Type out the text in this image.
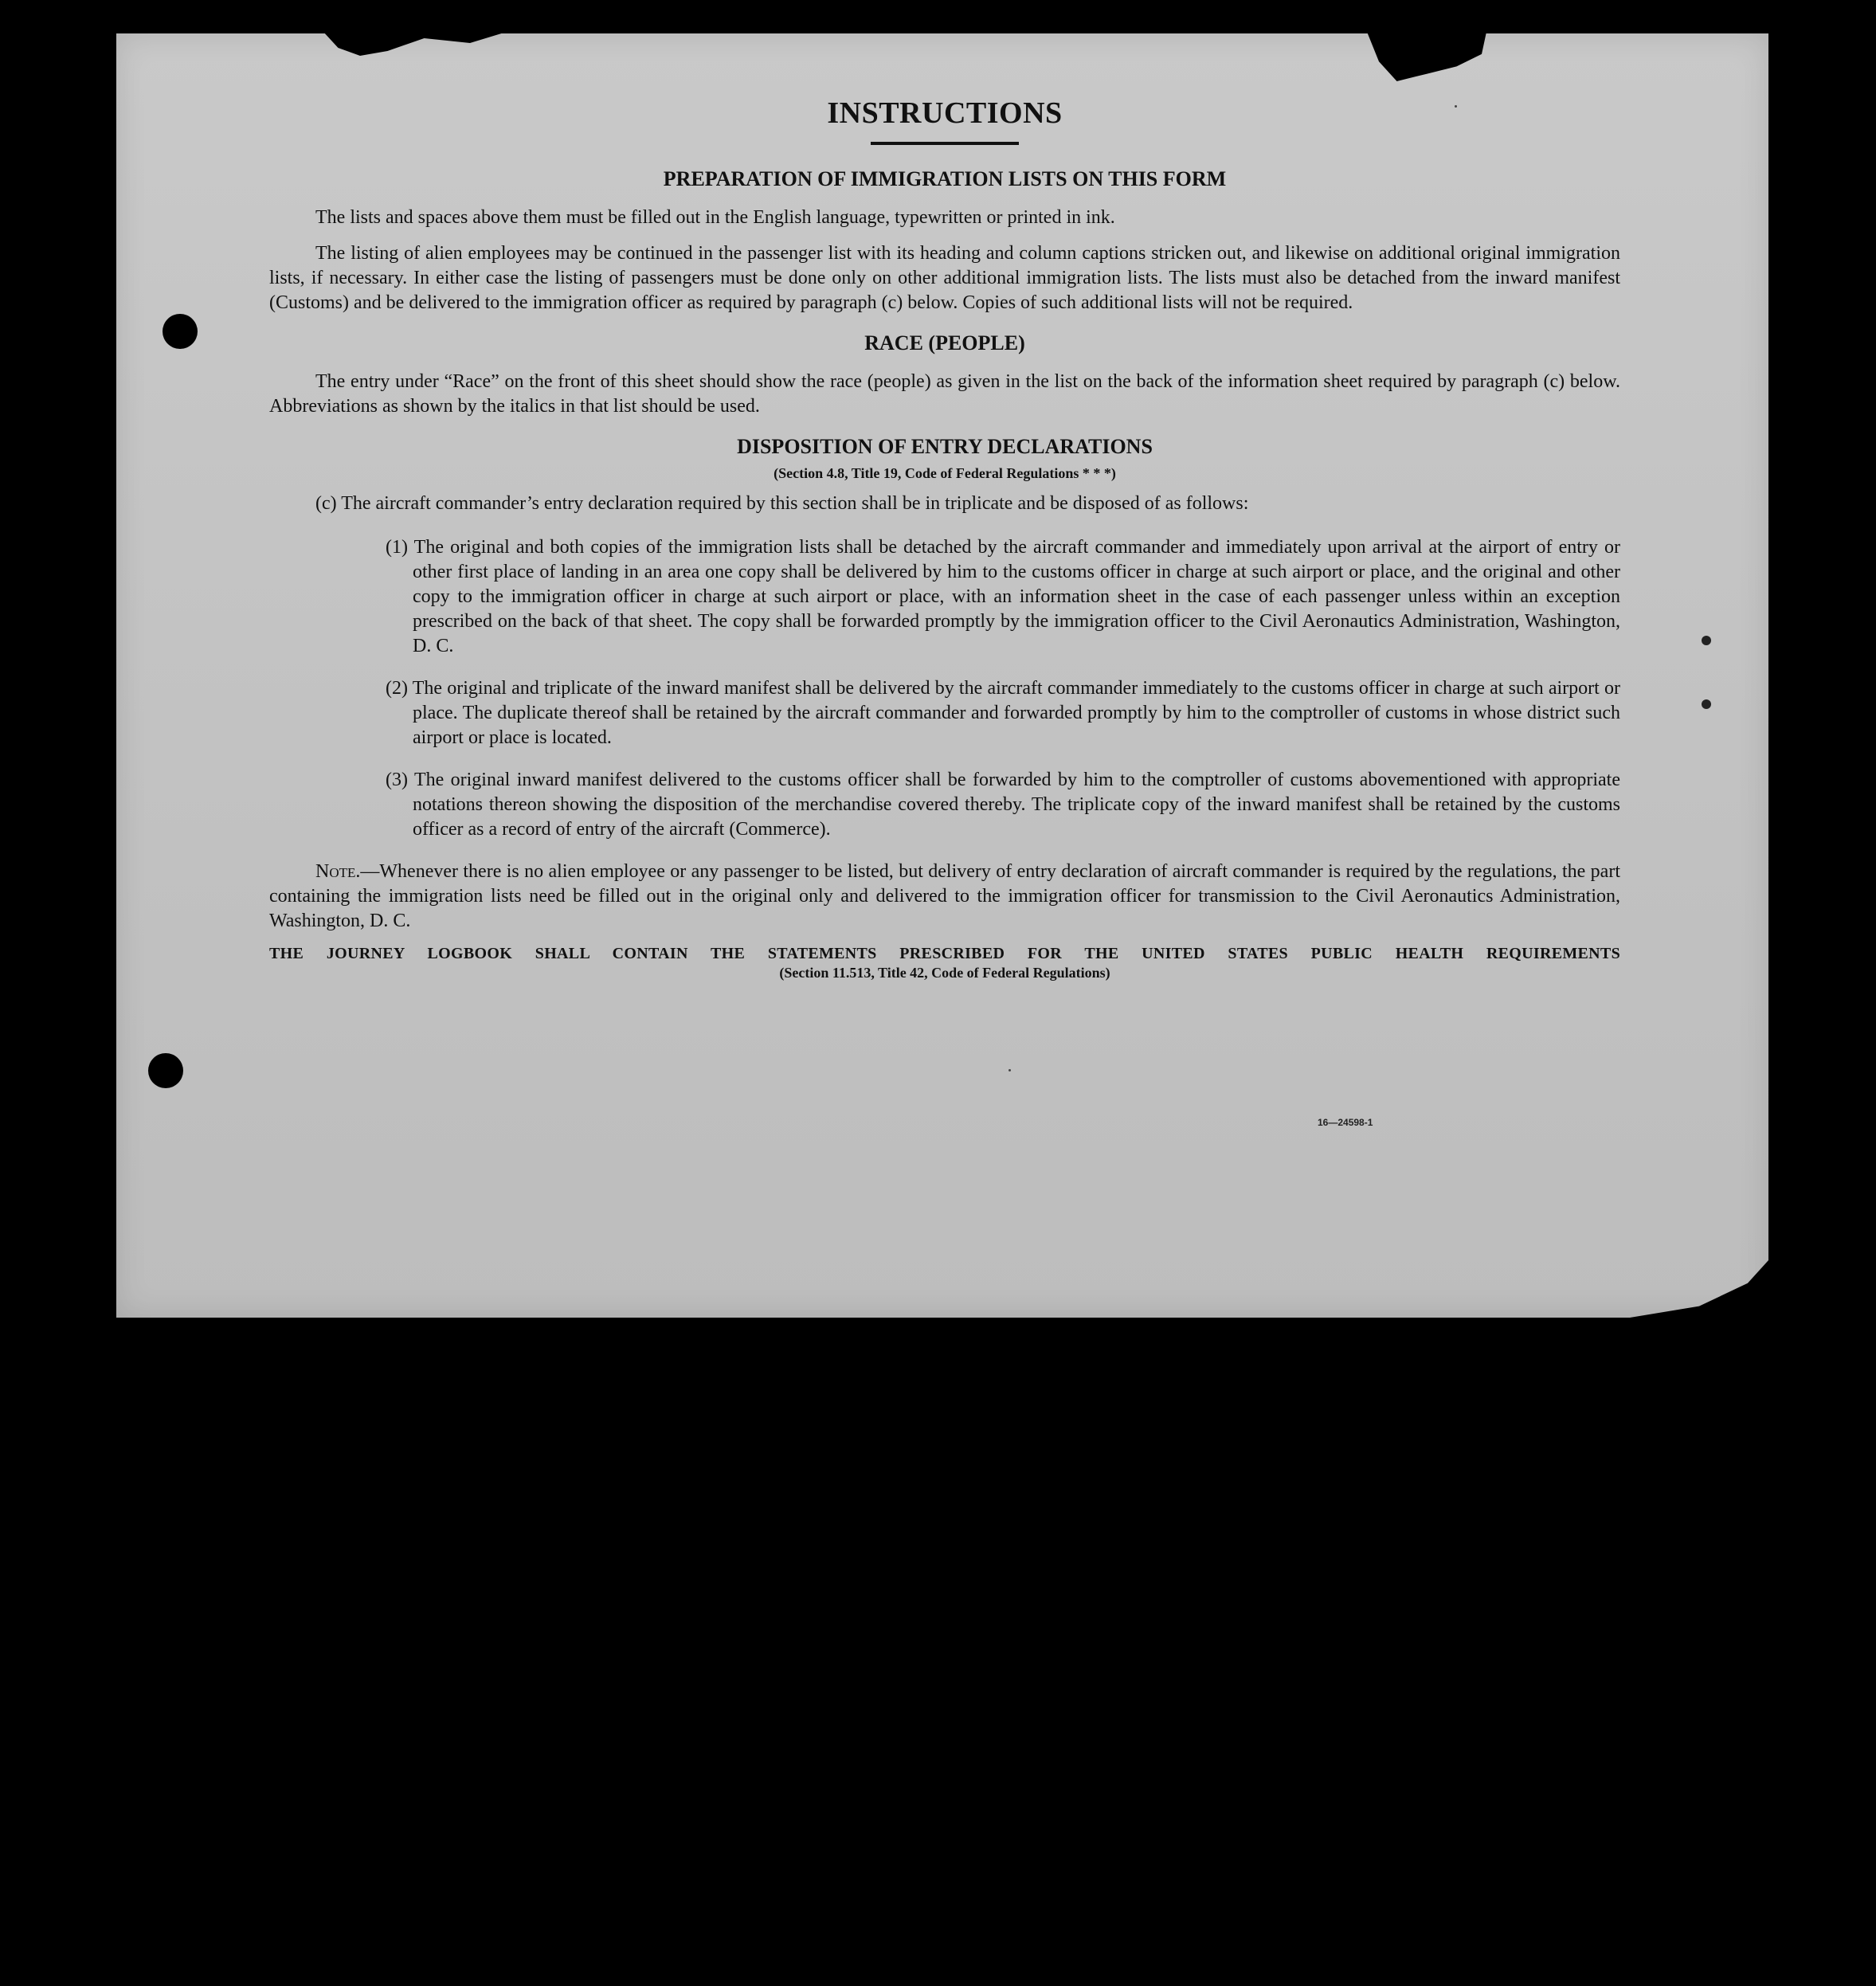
INSTRUCTIONS
PREPARATION OF IMMIGRATION LISTS ON THIS FORM

The lists and spaces above them must be filled out in the English language, typewritten or printed in ink.

The listing of alien employees may be continued in the passenger list with its heading and column captions stricken out, and likewise on additional original immigration lists, if necessary. In either case the listing of passengers must be done only on other additional immigration lists. The lists must also be detached from the inward manifest (Customs) and be delivered to the immigration officer as required by paragraph (c) below. Copies of such additional lists will not be required.

RACE (PEOPLE)

The entry under “Race” on the front of this sheet should show the race (people) as given in the list on the back of the information sheet required by paragraph (c) below. Abbreviations as shown by the italics in that list should be used.

DISPOSITION OF ENTRY DECLARATIONS
(Section 4.8, Title 19, Code of Federal Regulations * * *)

(c) The aircraft commander’s entry declaration required by this section shall be in triplicate and be disposed of as follows:

(1) The original and both copies of the immigration lists shall be detached by the aircraft commander and immediately upon arrival at the airport of entry or other first place of landing in an area one copy shall be delivered by him to the customs officer in charge at such airport or place, and the original and other copy to the immigration officer in charge at such airport or place, with an information sheet in the case of each passenger unless within an exception prescribed on the back of that sheet. The copy shall be forwarded promptly by the immigration officer to the Civil Aeronautics Administration, Washington, D. C.

(2) The original and triplicate of the inward manifest shall be delivered by the aircraft commander immediately to the customs officer in charge at such airport or place. The duplicate thereof shall be retained by the aircraft commander and forwarded promptly by him to the comptroller of customs in whose district such airport or place is located.

(3) The original inward manifest delivered to the customs officer shall be forwarded by him to the comptroller of customs abovementioned with appropriate notations thereon showing the disposition of the merchandise covered thereby. The triplicate copy of the inward manifest shall be retained by the customs officer as a record of entry of the aircraft (Commerce).

Note.—Whenever there is no alien employee or any passenger to be listed, but delivery of entry declaration of aircraft commander is required by the regulations, the part containing the immigration lists need be filled out in the original only and delivered to the immigration officer for transmission to the Civil Aeronautics Administration, Washington, D. C.

THE JOURNEY LOGBOOK SHALL CONTAIN THE STATEMENTS PRESCRIBED FOR THE UNITED STATES PUBLIC HEALTH REQUIREMENTS
(Section 11.513, Title 42, Code of Federal Regulations)
16—24598-1
